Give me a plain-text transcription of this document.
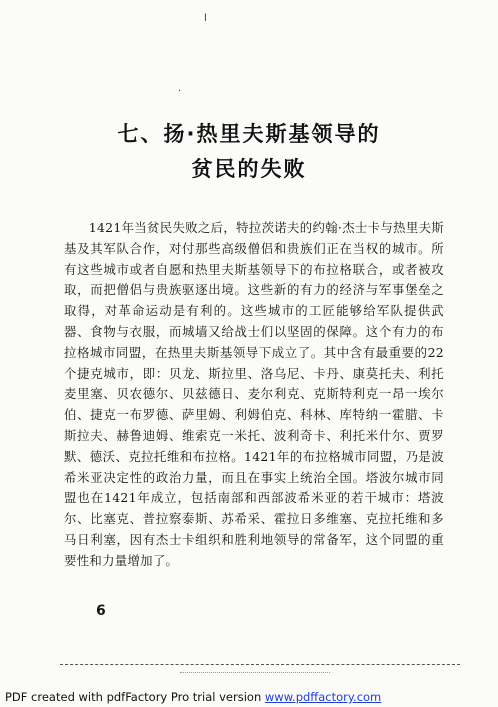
l
.
七、扬·热里夫斯基领导的
贫民的失败

1421年当贫民失败之后，特拉茨诺夫的约翰·杰士卡与热里夫斯基及其军队合作，对付那些高级僧侣和贵族们正在当权的城市。所有这些城市或者自愿和热里夫斯基领导下的布拉格联合，或者被攻取，而把僧侣与贵族驱逐出境。这些新的有力的经济与军事堡垒之取得，对革命运动是有利的。这些城市的工匠能够给军队提供武器、食物与衣服，而城墙又给战士们以坚固的保障。这个有力的布拉格城市同盟，在热里夫斯基领导下成立了。其中含有最重要的22个捷克城市，即：贝龙、斯拉里、洛乌尼、卡丹、康莫托夫、利托麦里塞、贝农德尔、贝兹德日、麦尔利克、克斯特利克一昂一埃尔伯、捷克一布罗德、萨里姆、利姆伯克、科林、库特纳一霍腊、卡斯拉夫、赫鲁迪姆、维索克一米托、波利奇卡、利托米什尔、贾罗默、德沃、克拉托维和布拉格。1421年的布拉格城市同盟，乃是波希米亚决定性的政治力量，而且在事实上统治全国。塔波尔城市同盟也在1421年成立，包括南部和西部波希米亚的若干城市：塔波尔、比塞克、普拉察泰斯、苏希采、霍拉日多维塞、克拉托维和多马日利塞，因有杰士卡组织和胜利地领导的常备军，这个同盟的重要性和力量增加了。

6
PDF created with pdfFactory Pro trial version www.pdffactory.com
